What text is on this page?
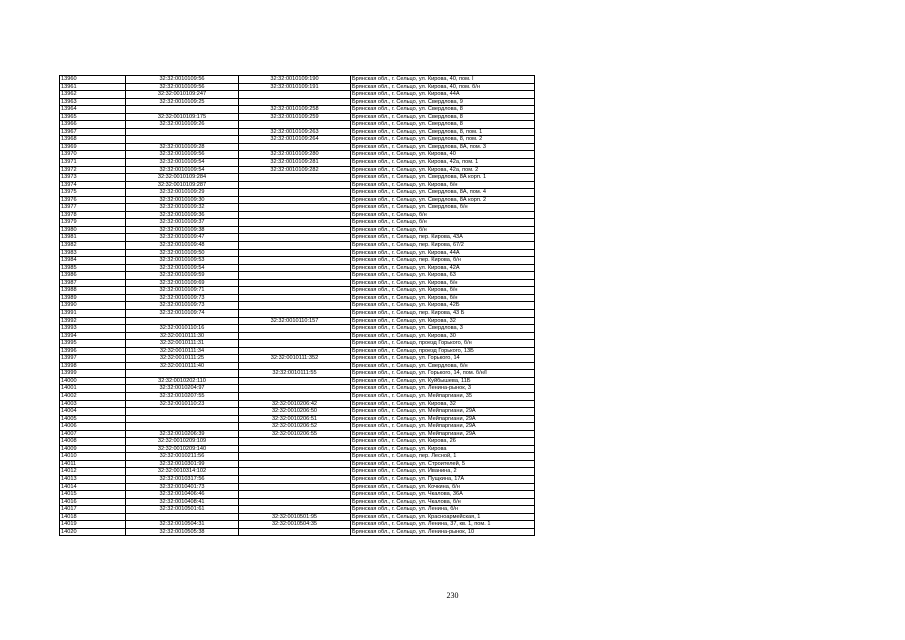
13960	32:32:0010109:56	32:32:0010109:190	Брянская обл., г. Сельцо, ул. Кирова, 40, пом. I
13961	32:32:0010109:56	32:32:0010109:191	Брянская обл., г. Сельцо, ул. Кирова, 40, пом. б/н
13962	32:32:0010109:247		Брянская обл., г. Сельцо, ул. Кирова, 44А
13963	32:32:0010109:25		Брянская обл., г. Сельцо, ул. Свердлова, 9
13964		32:32:0010109:258	Брянская обл., г. Сельцо, ул. Свердлова, 8
13965	32:32:0010109:175	32:32:0010109:259	Брянская обл., г. Сельцо, ул. Свердлова, 8
13966	32:32:0010109:26		Брянская обл., г. Сельцо, ул. Свердлова, 8
13967		32:32:0010109:263	Брянская обл., г. Сельцо, ул. Свердлова, 8, пом. 1
13968		32:32:0010109:264	Брянская обл., г. Сельцо, ул. Свердлова, 8, пом. 2
13969	32:32:0010109:28		Брянская обл., г. Сельцо, ул. Свердлова, 8А, пом. 3
13970	32:32:0010109:56	32:32:0010109:280	Брянская обл., г. Сельцо, ул. Кирова, 40
13971	32:32:0010109:54	32:32:0010109:281	Брянская обл., г. Сельцо, ул. Кирова, 42а, пом. 1
13972	32:32:0010109:54	32:32:0010109:282	Брянская обл., г. Сельцо, ул. Кирова, 42а, пом. 2
13973	32:32:0010109:284		Брянская обл., г. Сельцо, ул. Свердлова, 8А корп. 1
13974	32:32:0010109:287		Брянская обл., г. Сельцо, ул. Кирова, б/н
13975	32:32:0010109:29		Брянская обл., г. Сельцо, ул. Свердлова, 8А, пом. 4
13976	32:32:0010109:30		Брянская обл., г. Сельцо, ул. Свердлова, 8А корп. 2
13977	32:32:0010109:32		Брянская обл., г. Сельцо, ул. Свердлова, б/н
13978	32:32:0010109:36		Брянская обл., г. Сельцо, б/н
13979	32:32:0010109:37		Брянская обл., г. Сельцо, б/н
13980	32:32:0010109:38		Брянская обл., г. Сельцо, б/н
13981	32:32:0010109:47		Брянская обл., г. Сельцо, пер. Кирова, 43А
13982	32:32:0010109:48		Брянская обл., г. Сельцо, пер. Кирова, 67/2
13983	32:32:0010109:50		Брянская обл., г. Сельцо, ул. Кирова, 44А
13984	32:32:0010109:53		Брянская обл., г. Сельцо, пер. Кирова, б/н
13985	32:32:0010109:54		Брянская обл., г. Сельцо, ул. Кирова, 42А
13986	32:32:0010109:59		Брянская обл., г. Сельцо, ул. Кирова, 63
13987	32:32:0010109:69		Брянская обл., г. Сельцо, ул. Кирова, б/н
13988	32:32:0010109:71		Брянская обл., г. Сельцо, ул. Кирова, б/н
13989	32:32:0010109:73		Брянская обл., г. Сельцо, ул. Кирова, б/н
13990	32:32:0010109:73		Брянская обл., г. Сельцо, ул. Кирова, 42Б
13991	32:32:0010109:74		Брянская обл., г. Сельцо, пер. Кирова, 43 Б
13992		32:32:0010110:157	Брянская обл., г. Сельцо, ул. Кирова, 32
13993	32:32:0010110:16		Брянская обл., г. Сельцо, ул. Свердлова, 3
13994	32:32:0010111:30		Брянская обл., г. Сельцо, ул. Кирова, 30
13995	32:32:0010111:31		Брянская обл., г. Сельцо, проезд Горького, б/н
13996	32:32:0010111:34		Брянская обл., г. Сельцо, проезд Горького, 13Б
13997	32:32:0010111:25	32:32:0010111:352	Брянская обл., г. Сельцо, ул. Горького, 14
13998	32:32:0010111:40		Брянская обл., г. Сельцо, ул. Свердлова, б/н
13999		32:32:0010111:55	Брянская обл., г. Сельцо, ул. Горького, 14, пом. б/н/I
14000	32:32:0010202:110		Брянская обл., г. Сельцо, ул. Куйбышева, 11Б
14001	32:32:0010204:97		Брянская обл., г. Сельцо, ул. Ленина-рынок, 3
14002	32:32:0010207:55		Брянская обл., г. Сельцо, ул. Мейпаргиани, 35
14003	32:32:0010110:23	32:32:0010206:42	Брянская обл., г. Сельцо, ул. Кирова, 32
14004		32:32:0010206:50	Брянская обл., г. Сельцо, ул. Мейпаргиани, 29А
14005		32:32:0010206:51	Брянская обл., г. Сельцо, ул. Мейпаргиани, 29А
14006		32:32:0010206:52	Брянская обл., г. Сельцо, ул. Мейпаргиани, 29А
14007	32:32:0010206:39	32:32:0010206:55	Брянская обл., г. Сельцо, ул. Мейпаргиани, 29А
14008	32:32:0010209:109		Брянская обл., г. Сельцо, ул. Кирова, 26
14009	32:32:0010209:140		Брянская обл., г. Сельцо, ул. Кирова
14010	32:32:0010211:56		Брянская обл., г. Сельцо, пер. Лесной, 1
14011	32:32:0010301:99		Брянская обл., г. Сельцо, ул. Строителей, 5
14012	32:32:0010314:102		Брянская обл., г. Сельцо, ул. Иванина, 2
14013	32:32:0010317:56		Брянская обл., г. Сельцо, ул. Пущкина, 17А
14014	32:32:0010401:73		Брянская обл., г. Сельцо, ул. Кочкина, б/н
14015	32:32:0010406:46		Брянская обл., г. Сельцо, ул. Чкалова, 36А
14016	32:32:0010408:41		Брянская обл., г. Сельцо, ул. Чкалова, б/н
14017	32:32:0010501:61		Брянская обл., г. Сельцо, ул. Ленина, б/н
14018		32:32:0010501:95	Брянская обл., г. Сельцо, ул. Красноармейская, 1
14019	32:32:0010504:31	32:32:0010504:35	Брянская обл., г. Сельцо, ул. Ленина, 37, кв. 1, пом. 1
14020	32:32:0010505:38		Брянская обл., г. Сельцо, ул. Ленина-рынок, 10
230
